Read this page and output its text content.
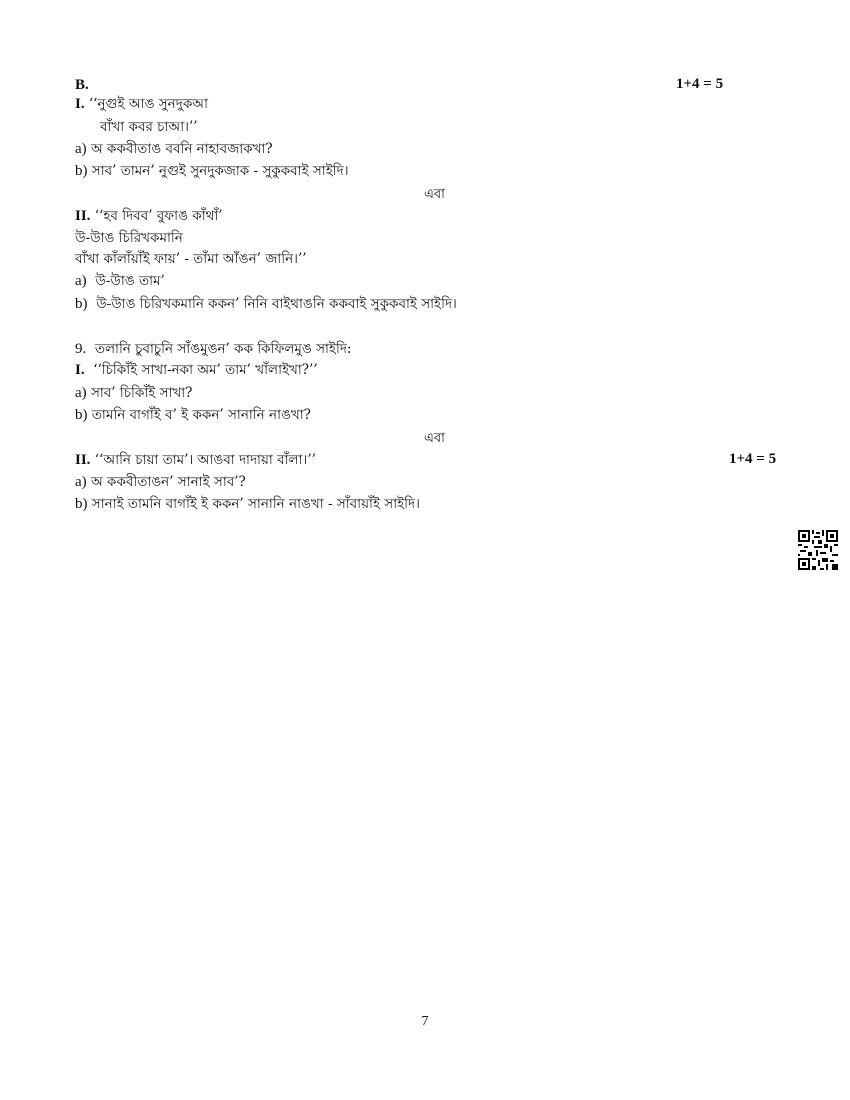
B.	1+4 = 5
I. ‘‘নুগুই আঙ সুনদুকআ
বাঁখা কবর চাআ।’’
a) অ ককবীতাঙ ববনি নাহাবজাকখা?
b) সাব’ তামন’ নুগুই সুনদুকজাক - সুকুকবাই সাইদি।
এবা
II. ‘‘হব দিবব’ বুফাঙ কাঁথাঁ’
উ-উাঙ চিরিখকমানি
বাঁখা কাঁলাঁয়াঁই ফায়’ - তাঁমা আঁঙন’ জানি।’’
a) উ-উাঙ তাম’
b) উ-উাঙ চিরিখকমানি ককন’ নিনি বাইথাঙনি ককবাই সুকুকবাই সাইদি।
9. তলানি চুবাচুনি সাঁঙমুঙন’ কক কিফিলমুঙ সাইদি:
I. ‘‘চিকিাঁই সাখা-নকা অম’ তাম’ খাঁলাইখা?’’
a) সাব’ চিকিাঁই সাখা?
b) তামনি বাগাঁই ব’ ই ককন’ সানানি নাঙখা?
এবা
II. ‘‘আনি চায়া তাম’। আঙবা দাদায়া বাঁলা।’’	1+4 = 5
a) অ ককবীতাঙন’ সানাই সাব’?
b) সানাই তামনি বাগাঁই ই ককন’ সানানি নাঙখা - সাঁবায়াঁই সাইদি।
7
